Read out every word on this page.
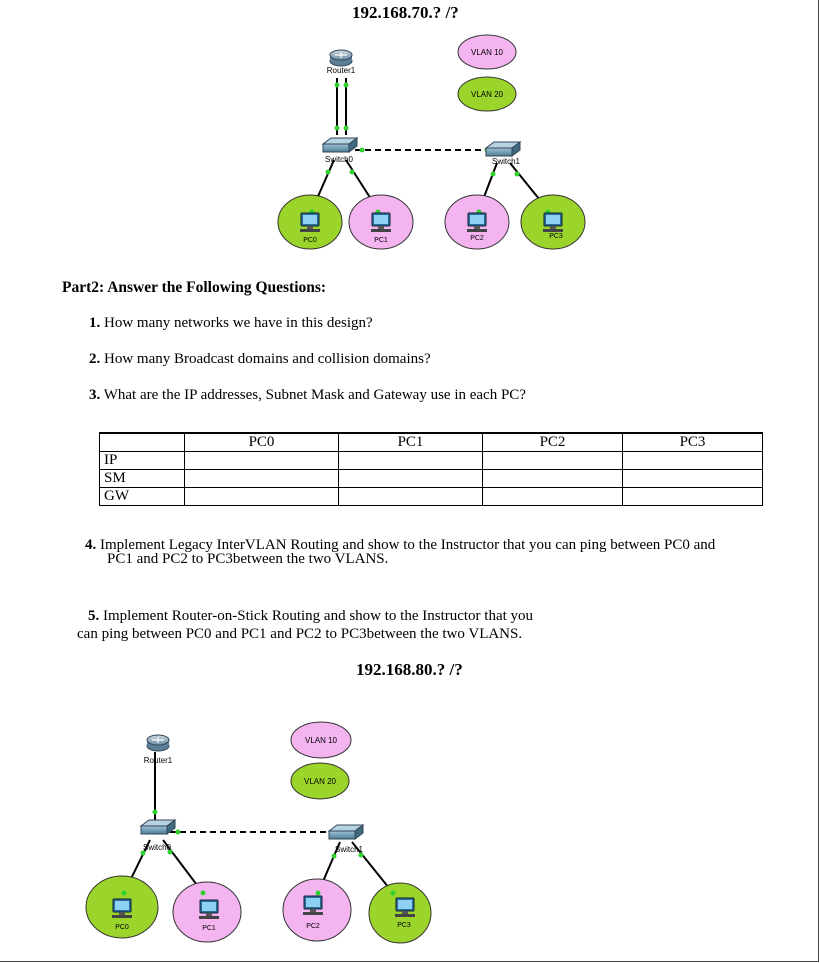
192.168.70.? /?
192.168.80.? /?
VLAN 10
VLAN 20
Router1
Switch0	Switch1
PC0	PC1	PC2	PC3
VLAN 10
VLAN 20
Router1
Switch0	Switch1
PC0	PC1	PC2	PC3
Part2: Answer the Following Questions:
1. How many networks we have in this design?
2. How many Broadcast domains and collision domains?
3. What are the IP addresses, Subnet Mask and Gateway use in each PC?
	PC0	PC1	PC2	PC3
IP				
SM				
GW				
4. Implement Legacy InterVLAN Routing and show to the Instructor that you can ping between PC0 and
PC1 and PC2 to PC3between the two VLANS.
5. Implement Router-on-Stick Routing and show to the Instructor that you
can ping between PC0 and PC1 and PC2 to PC3between the two VLANS.
